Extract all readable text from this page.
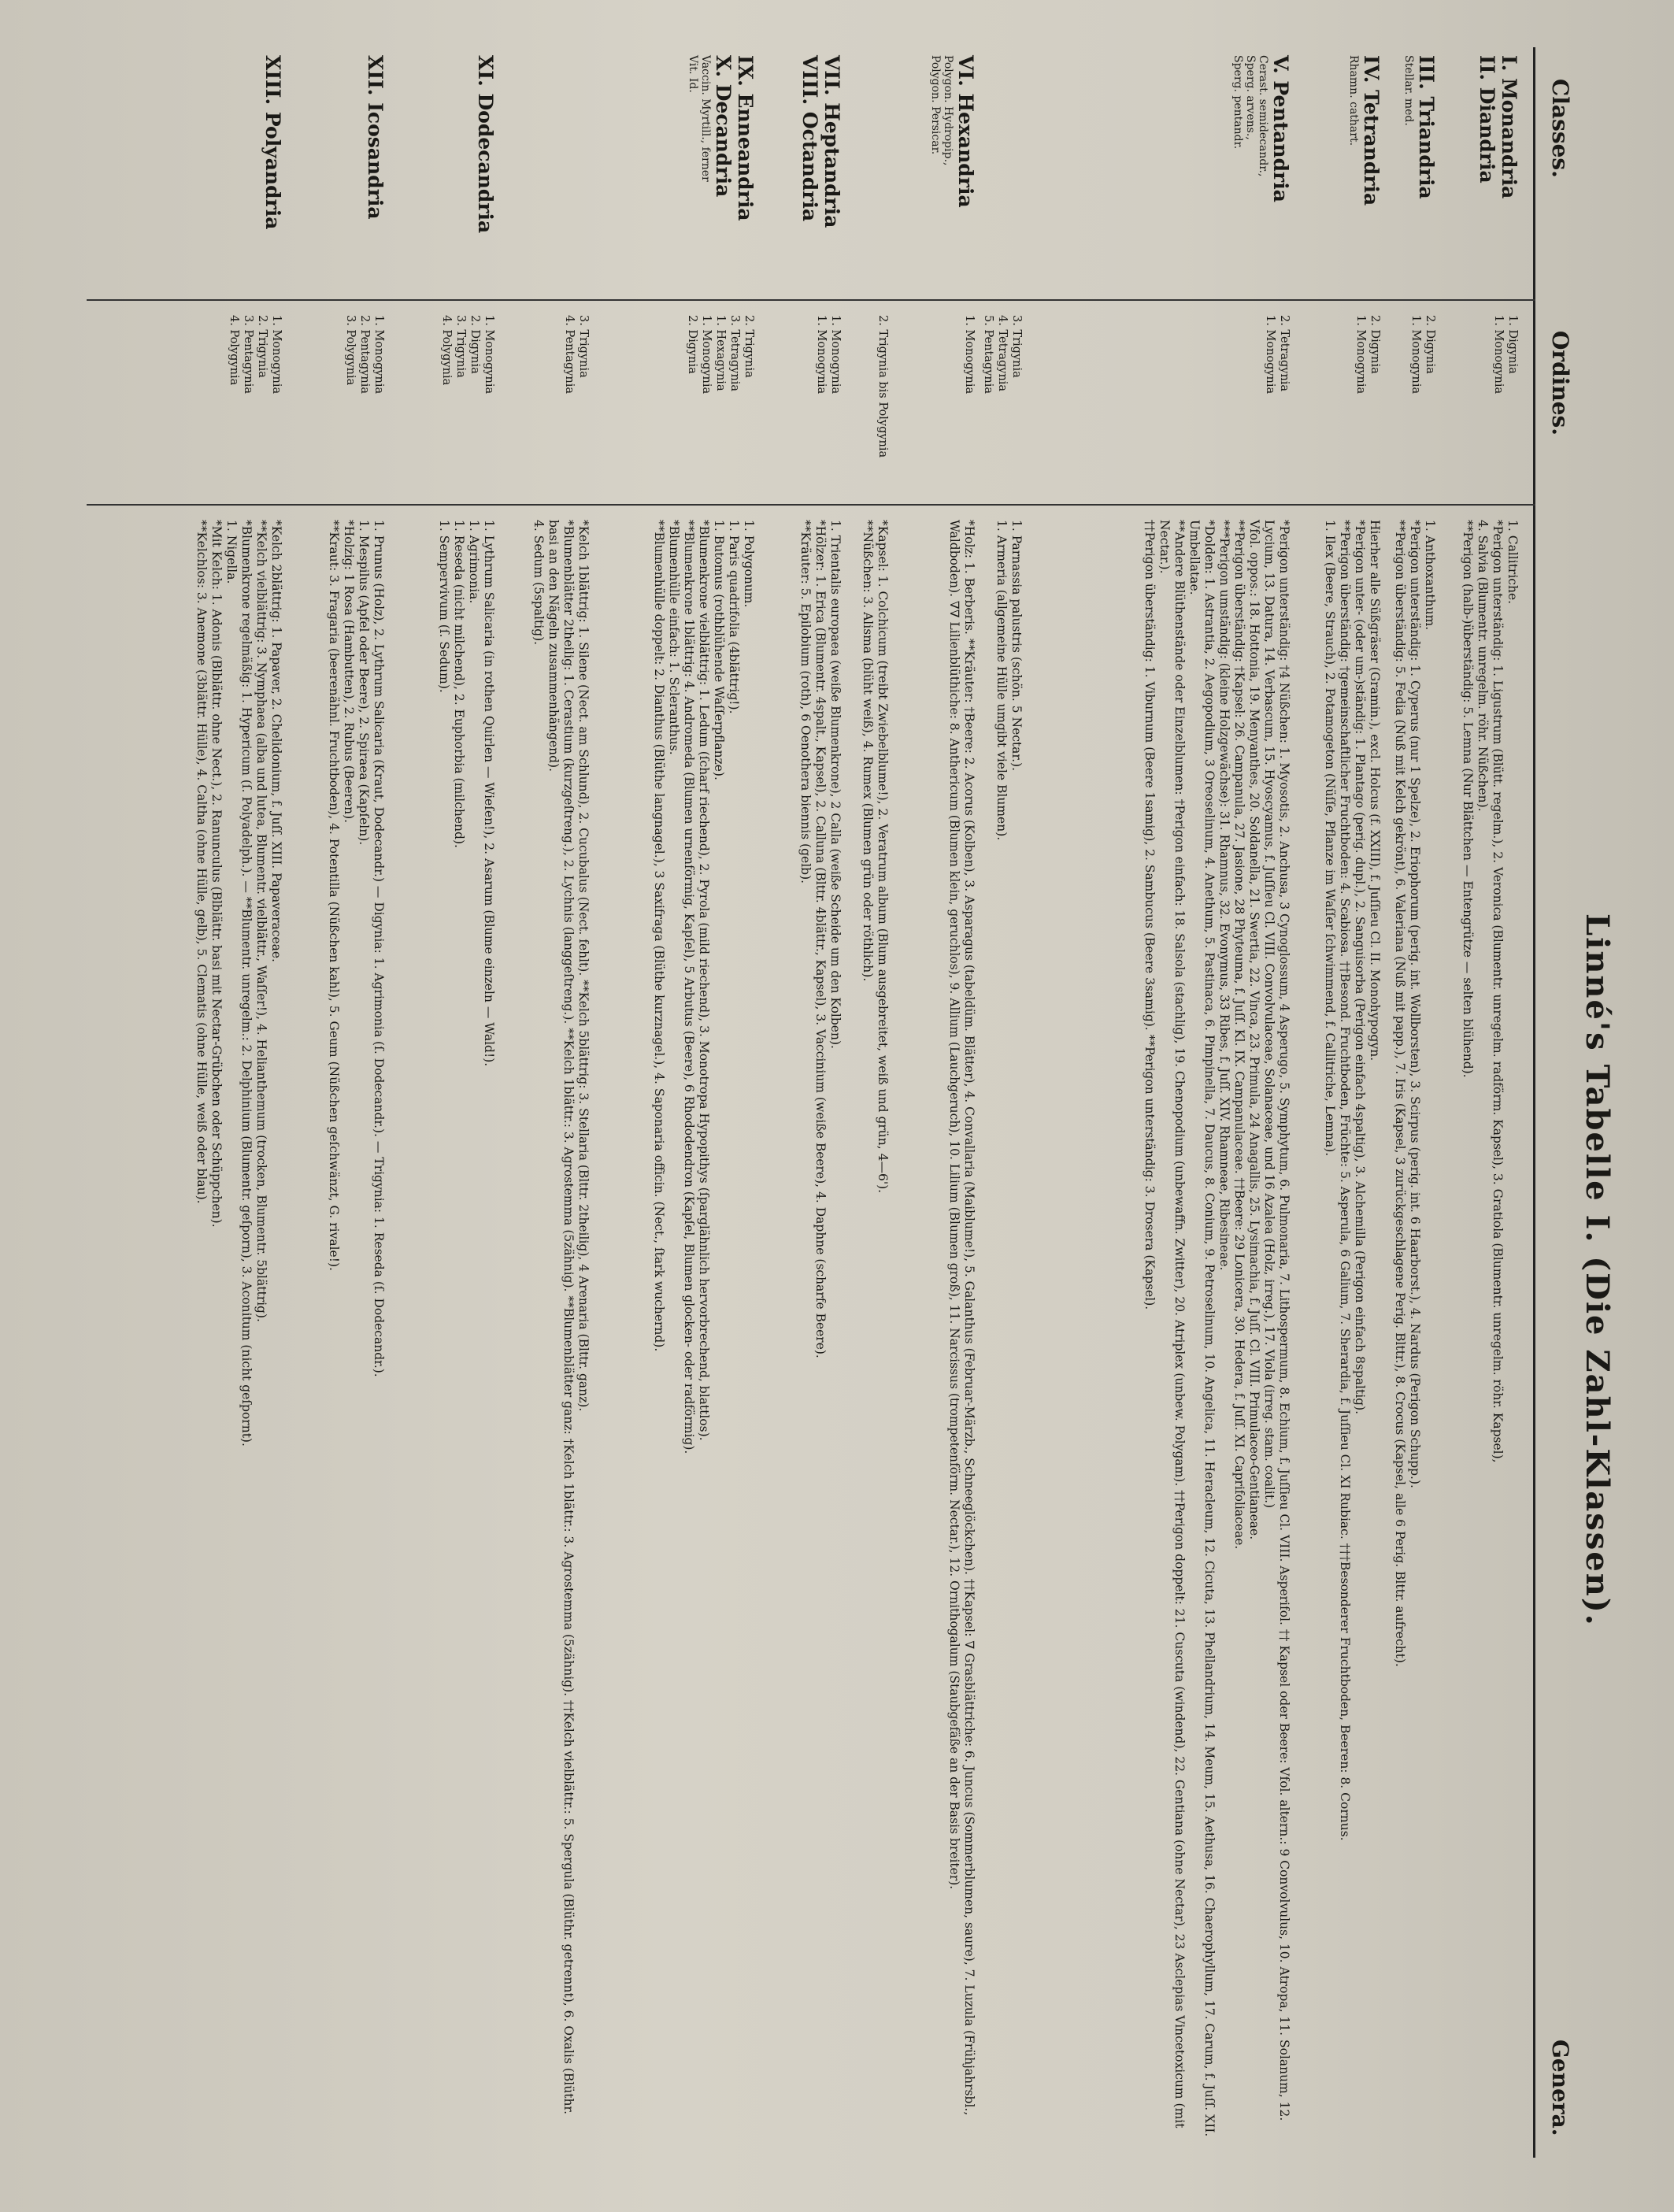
Linné's Tabelle I. (Die Zahl-Klassen).
Classes.
Ordines.
Genera.
I. Monandria
II. Diandria
1. Digynia
1. Monogynia

1. Callitriche.

*Perigon unterständig: 1. Ligustrum (Blütt. regelm.), 2. Veronica (Blumentr. unregelm. radförm. Kapsel), 3. Gratiola (Blumentr. unregelm. röhr. Kapsel),

4. Salvia (Blumentr. unregelm. röhr. Nüßchen).

**Perigon (halb-)überständig: 5. Lemna (Nur Blättchen — Entengrütze — selten blühend).

III. Triandria
Stellar. med.
2. Digynia
1. Monogynia

1. Anthoxanthum.

*Perigon unterständig: 1. Cyperus (nur 1 Spelze), 2. Eriophorum (perig. int. Wollborsten), 3. Scirpus (perig. int. 6 Haarborst.), 4. Nardus (Perigon Schupp.).

**Perigon überständig: 5. Fedia (Nuß mit Kelch gekrönt), 6. Valeriana (Nuß mit papp.), 7. Iris (Kapsel, 3 zurückgeschlagene Perig. Blttr.), 8. Crocus (Kapsel, alle 6 Perig. Blttr. aufrecht).

IV. Tetrandria
Rhamn. cathart.
2. Digynia
1. Monogynia

Hierher alle Süßgräser (Gramin.), excl. Holcus (f. XXIII), f. Juſſieu Cl. II. Monohypogyn.

*Perigon unter- (oder um-)ständig: 1. Plantago (perig. dupl.), 2. Sanguisorba (Perigon einfach 4spaltig), 3. Alchemilla (Perigon einfach 8spaltig).

**Perigon überständig: †gemeinschaftlicher Fruchtboden: 4. Scabiosa. ††Besond. Fruchtboden, Früchte: 5. Asperula, 6 Galium, 7. Sherardia, f. Juſſieu Cl. XI Rubiac. †††Besonderer Fruchtboden, Beeren: 8. Cornus.

1. Ilex (Beere, Strauch), 2. Potamogeton (Nüſſe, Pflanze im Waſſer ſchwimmend, f. Callitriche, Lemna).

V. Pentandria
Cerast. semidecandr.,
Sperg. arvens.,
Sperg. pentandr.
2. Tetragynia
1. Monogynia

*Perigon unterständig: †4 Nüßchen: 1. Myosotis, 2. Anchusa, 3 Cynoglossum, 4 Asperugo, 5. Symphytum, 6. Pulmonaria, 7. Lithospermum, 8. Echium, f. Juſſieu Cl. VIII. Asperifol. †† Kapsel oder Beere: Vfol. altern.: 9 Convolvulus, 10. Atropa, 11. Solanum, 12. Lycium, 13. Datura, 14. Verbascum, 15. Hyoscyamus, f. Juſſieu Cl. VIII. Convolvulaceae, Solanaceae, und 16 Azalea (Holz, irreg.), 17. Viola (irreg. stam. coalit.)

Vfol. oppos.: 18. Hottonia, 19. Menyanthes, 20. Soldanella, 21. Swertia, 22. Vinca, 23. Primula, 24 Anagallis, 25. Lysimachia, f. Juſſ. Cl. VIII. Primulaceo-Gentianeae.

**Perigon überständig: †Kapsel: 26. Campanula, 27. Jasione, 28 Phyteuma, f. Juſſ. Kl. IX. Campanulaceae. ††Beere: 29 Lonicera, 30. Hedera, f. Juſſ. XI. Caprifoliaceae.

***Perigon umständig: (kleine Holzgewächse): 31. Rhamnus, 32. Evonymus, 33 Ribes, f. Juſſ. XIV. Rhamneae, Ribesineae.

*Dolden: 1. Astrantia, 2. Aegopodium, 3 Oreoselinum, 4. Anethum, 5. Pastinaca, 6. Pimpinella, 7. Daucus, 8. Conium, 9. Petroselinum, 10. Angelica, 11. Heracleum, 12. Cicuta, 13. Phellandrium, 14. Meum, 15. Aethusa, 16. Chaerophyllum, 17. Carum, f. Juſſ. XII. Umbellatae.

**Andere Blüthenstände oder Einzelblumen: †Perigon einfach: 18. Salsola (stachlig), 19. Chenopodium (unbewaffn. Zwitter), 20. Atriplex (unbew. Polygam). ††Perigon doppelt: 21. Cuscuta (windend), 22. Gentiana (ohne Nectar), 23 Asclepias Vincetoxicum (mit Nectar.).

††Perigon überständig: 1. Viburnum (Beere 1samig), 2. Sambucus (Beere 3samig). **Perigon unterständig: 3. Drosera (Kapsel).

3. Trigynia
4. Tetragynia
5. Pentagynia

1. Parnassia palustris (schön. 5 Nectar.).

1. Armeria (allgemeine Hülle umgibt viele Blumen).

VI. Hexandria
Polygon. Hydropip.,
Polygon. Persicar.
1. Monogynia

*Holz: 1. Berberis. **Kräuter: †Beere: 2. Acorus (Kolben), 3. Asparagus (tabeldüm. Blätter), 4. Convallaria (Maiblume!), 5. Galanthus (Februar-Märzb., Schneeglöckchen). ††Kapsel: ∇ Grasblättriche: 6. Juncus (Sommerblumen, saure), 7. Luzula (Frühjahrsbl., Waldboden). ∇∇ Lilienblüthiche: 8. Anthericum (Blumen klein, geruchlos), 9. Allium (Lauchgeruch), 10. Lilium (Blumen groß), 11. Narcissus (trompetenförm. Nectar.), 12. Ornithogalum (Staubgefäße an der Basis breiter).

2. Trigynia bis Polygynia

*Kapsel: 1. Colchicum (treibt Zwiebelblume!), 2. Veratrum album (Blum ausgebreitet, weiß und grün, 4—6').

**Nüßchen: 3. Alisma (blüht weiß), 4. Rumex (Blumen grün oder röthlich).

VII. Heptandria
VIII. Octandria
1. Monogynia
1. Monogynia

1. Trientalis europaea (weiße Blumenkrone), 2 Calla (weiße Scheide um den Kolben).

*Hölzer: 1. Erica (Blumentr. 4spalt., Kapsel), 2. Calluna (Blttr. 4blättr., Kapsel), 3. Vaccinium (weiße Beere), 4. Daphne (scharfe Beere).

**Kräuter: 5. Epilobium (roth), 6 Oenothera biennis (gelb).

IX. Enneandria
X. Decandria
Vaccin. Myrtill., ferner
Vit. Id.
2. Trigynia
3. Tetragynia
1. Hexagynia
1. Monogynia
2. Digynia

1. Polygonum.

1. Paris quadrifolia (4blättrig!).

1. Butomus (rothblühende Waſſerpflanze).

*Blumenkrone vielblättrig: 1. Ledum (ſcharf riechend), 2. Pyrola (mild riechend), 3. Monotropa Hypopithys (ſparglähnlich hervorbrechend, blattlos).

**Blumenkrone 1blättrig: 4. Andromeda (Blumen urnenförmig, Kapſel), 5 Arbutus (Beere), 6 Rhododendron (Kapſel, Blumen glocken- oder radförmig).

*Blumenhülle einfach: 1. Scleranthus.

**Blumenhülle doppelt: 2. Dianthus (Blüthe langnagel.), 3 Saxifraga (Blüthe kurznagel.), 4. Saponaria officin. (Nect., ſtark wuchernd).

3. Trigynia
4. Pentagynia

*Kelch 1blättrig: 1. Silene (Nect. am Schlund), 2. Cucubalus (Nect. fehlt). **Kelch 5blättrig: 3. Stellaria (Blttr. 2theilig), 4 Arenaria (Blttr. ganz).

*Blumenblätter 2theilig: 1. Cerastium (kurzgeſtreng.), 2. Lychnis (langgeſtreng.). **Kelch 1blättr.: 3. Agrostemma (5zähnig). **Blumenblätter ganz: †Kelch 1blättr.: 3. Agrostemma (5zähnig). ††Kelch vielblättr.: 5. Spergula (Blüthr. getrennt), 6. Oxalis (Blüthr. basi an den Nägeln zusammenhängend).

4. Sedum (5spaltig).

XI. Dodecandria
1. Monogynia
2. Digynia
3. Trigynia
4. Polygynia

1. Lythrum Salicaria (in rothen Quirlen — Wieſen!), 2. Asarum (Blume einzeln — Wald!).

1. Agrimonia.

1. Reseda (nicht milchend), 2. Euphorbia (milchend).

1. Sempervivum (ſ. Sedum).

XII. Icosandria
1. Monogynia
2. Pentagynia
3. Polygynia

1. Prunus (Holz), 2. Lythrum Salicaria (Kraut, Dodecandr.) — Digynia: 1. Agrimonia (ſ. Dodecandr.). — Trigynia: 1. Reseda (ſ. Dodecandr.).

1. Mespilus (Apfel oder Beere), 2. Spiraea (Kapſeln).

*Holzig: 1 Rosa (Hambutten), 2. Rubus (Beeren).

**Kraut: 3. Fragaria (beerenähnl. Fruchtboden), 4. Potentilla (Nüßchen kahl), 5. Geum (Nüßchen geſchwänzt, G. rivale!).

XIII. Polyandria
1. Monogynia
2. Trigynia
3. Pentagynia
4. Polygynia

*Kelch 2blättrig: 1. Papaver, 2. Chelidonium, f. Juſſ. XIII. Papaveraceae.

**Kelch vielblättrig: 3. Nymphaea (alba und lutea, Blumentr. vielblättr., Waſſer!), 4. Helianthemum (trocken, Blumentr. 5blättrig).

*Blumenkrone regelmäßig: 1. Hypericum (ſ. Polyadelph.). — **Blumentr. unregelm.: 2. Delphinium (Blumentr. geſporn), 3. Aconitum (nicht geſpornt).

1. Nigella.

*Mit Kelch: 1. Adonis (Blblättr. ohne Nect.), 2. Ranunculus (Blblättr. basi mit Nectar-Grübchen oder Schüppchen).

**Kelchlos: 3. Anemone (3blättr. Hülle), 4. Caltha (ohne Hülle, gelb), 5. Clematis (ohne Hülle, weiß oder blau).
